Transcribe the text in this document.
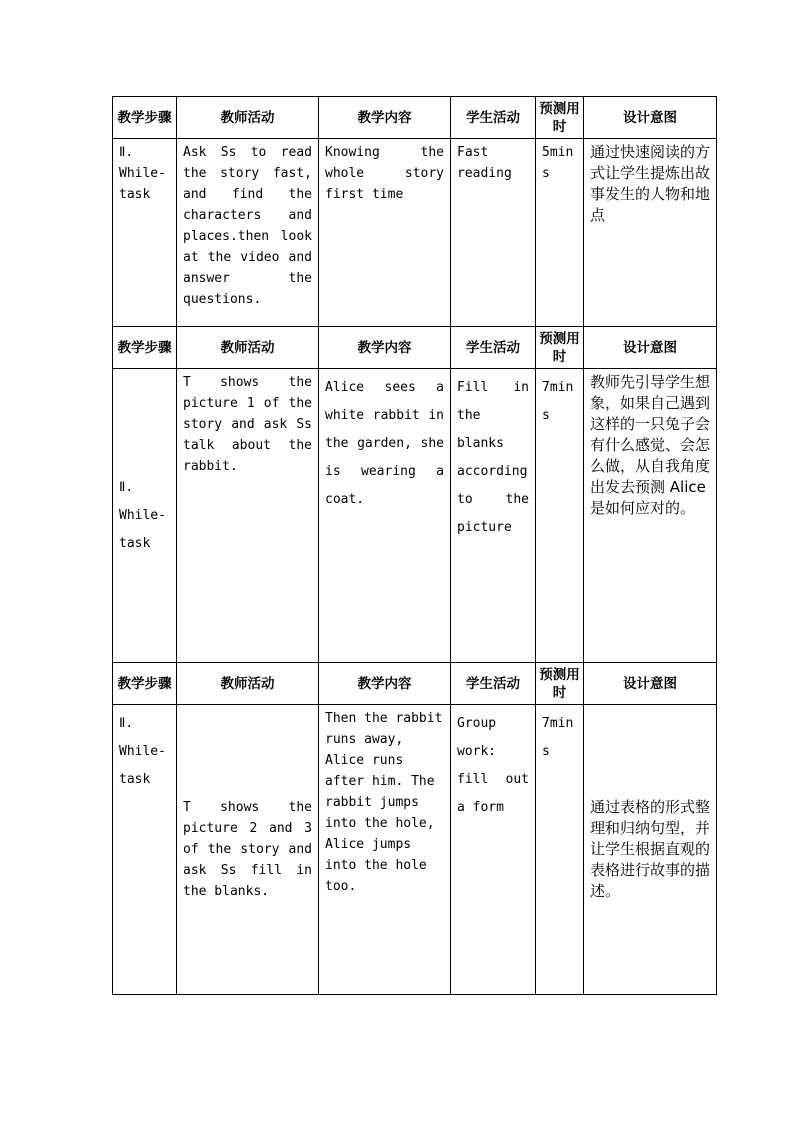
教学步骤	教师活动	教学内容	学生活动	预测用时	设计意图
Ⅱ. While-task	Ask Ss to read the story fast, and find the characters and places.then look at the video and answer the questions.	Knowing the whole story first time	Fast reading	5mins	通过快速阅读的方式让学生提炼出故事发生的人物和地点
教学步骤	教师活动	教学内容	学生活动	预测用时	设计意图
Ⅱ. While-task	T shows the picture 1 of the story and ask Ss talk about the rabbit.	Alice sees a white rabbit in the garden, she is wearing a coat.	Fill in the blanks according to the picture	7mins	教师先引导学生想象，如果自己遇到这样的一只兔子会有什么感觉、会怎么做，从自我角度出发去预测 Alice 是如何应对的。
教学步骤	教师活动	教学内容	学生活动	预测用时	设计意图
Ⅱ. While-task	T shows the picture 2 and 3 of the story and ask Ss fill in the blanks.	Then the rabbit runs away, Alice runs after him. The rabbit jumps into the hole, Alice jumps into the hole too.	Group work: fill out a form	7mins	通过表格的形式整理和归纳句型，并让学生根据直观的表格进行故事的描述。
